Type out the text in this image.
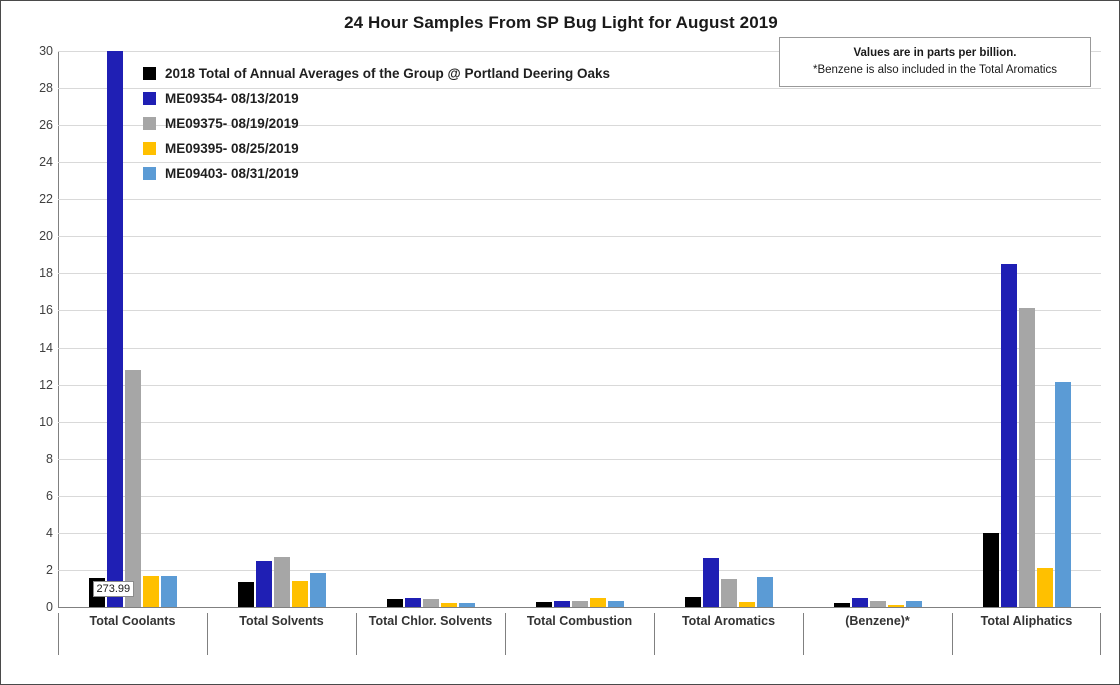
24 Hour Samples From SP Bug Light for August 2019
0
2
4
6
8
10
12
14
16
18
20
22
24
26
28
30
2018 Total of Annual Averages of the Group @ Portland Deering Oaks
ME09354- 08/13/2019
ME09375- 08/19/2019
ME09395- 08/25/2019
ME09403- 08/31/2019
Values are in parts per billion.
*Benzene is also included in the Total Aromatics
273.99
Total Coolants	Total Solvents	Total Chlor. Solvents	Total Combustion	Total Aromatics	(Benzene)*	Total Aliphatics
